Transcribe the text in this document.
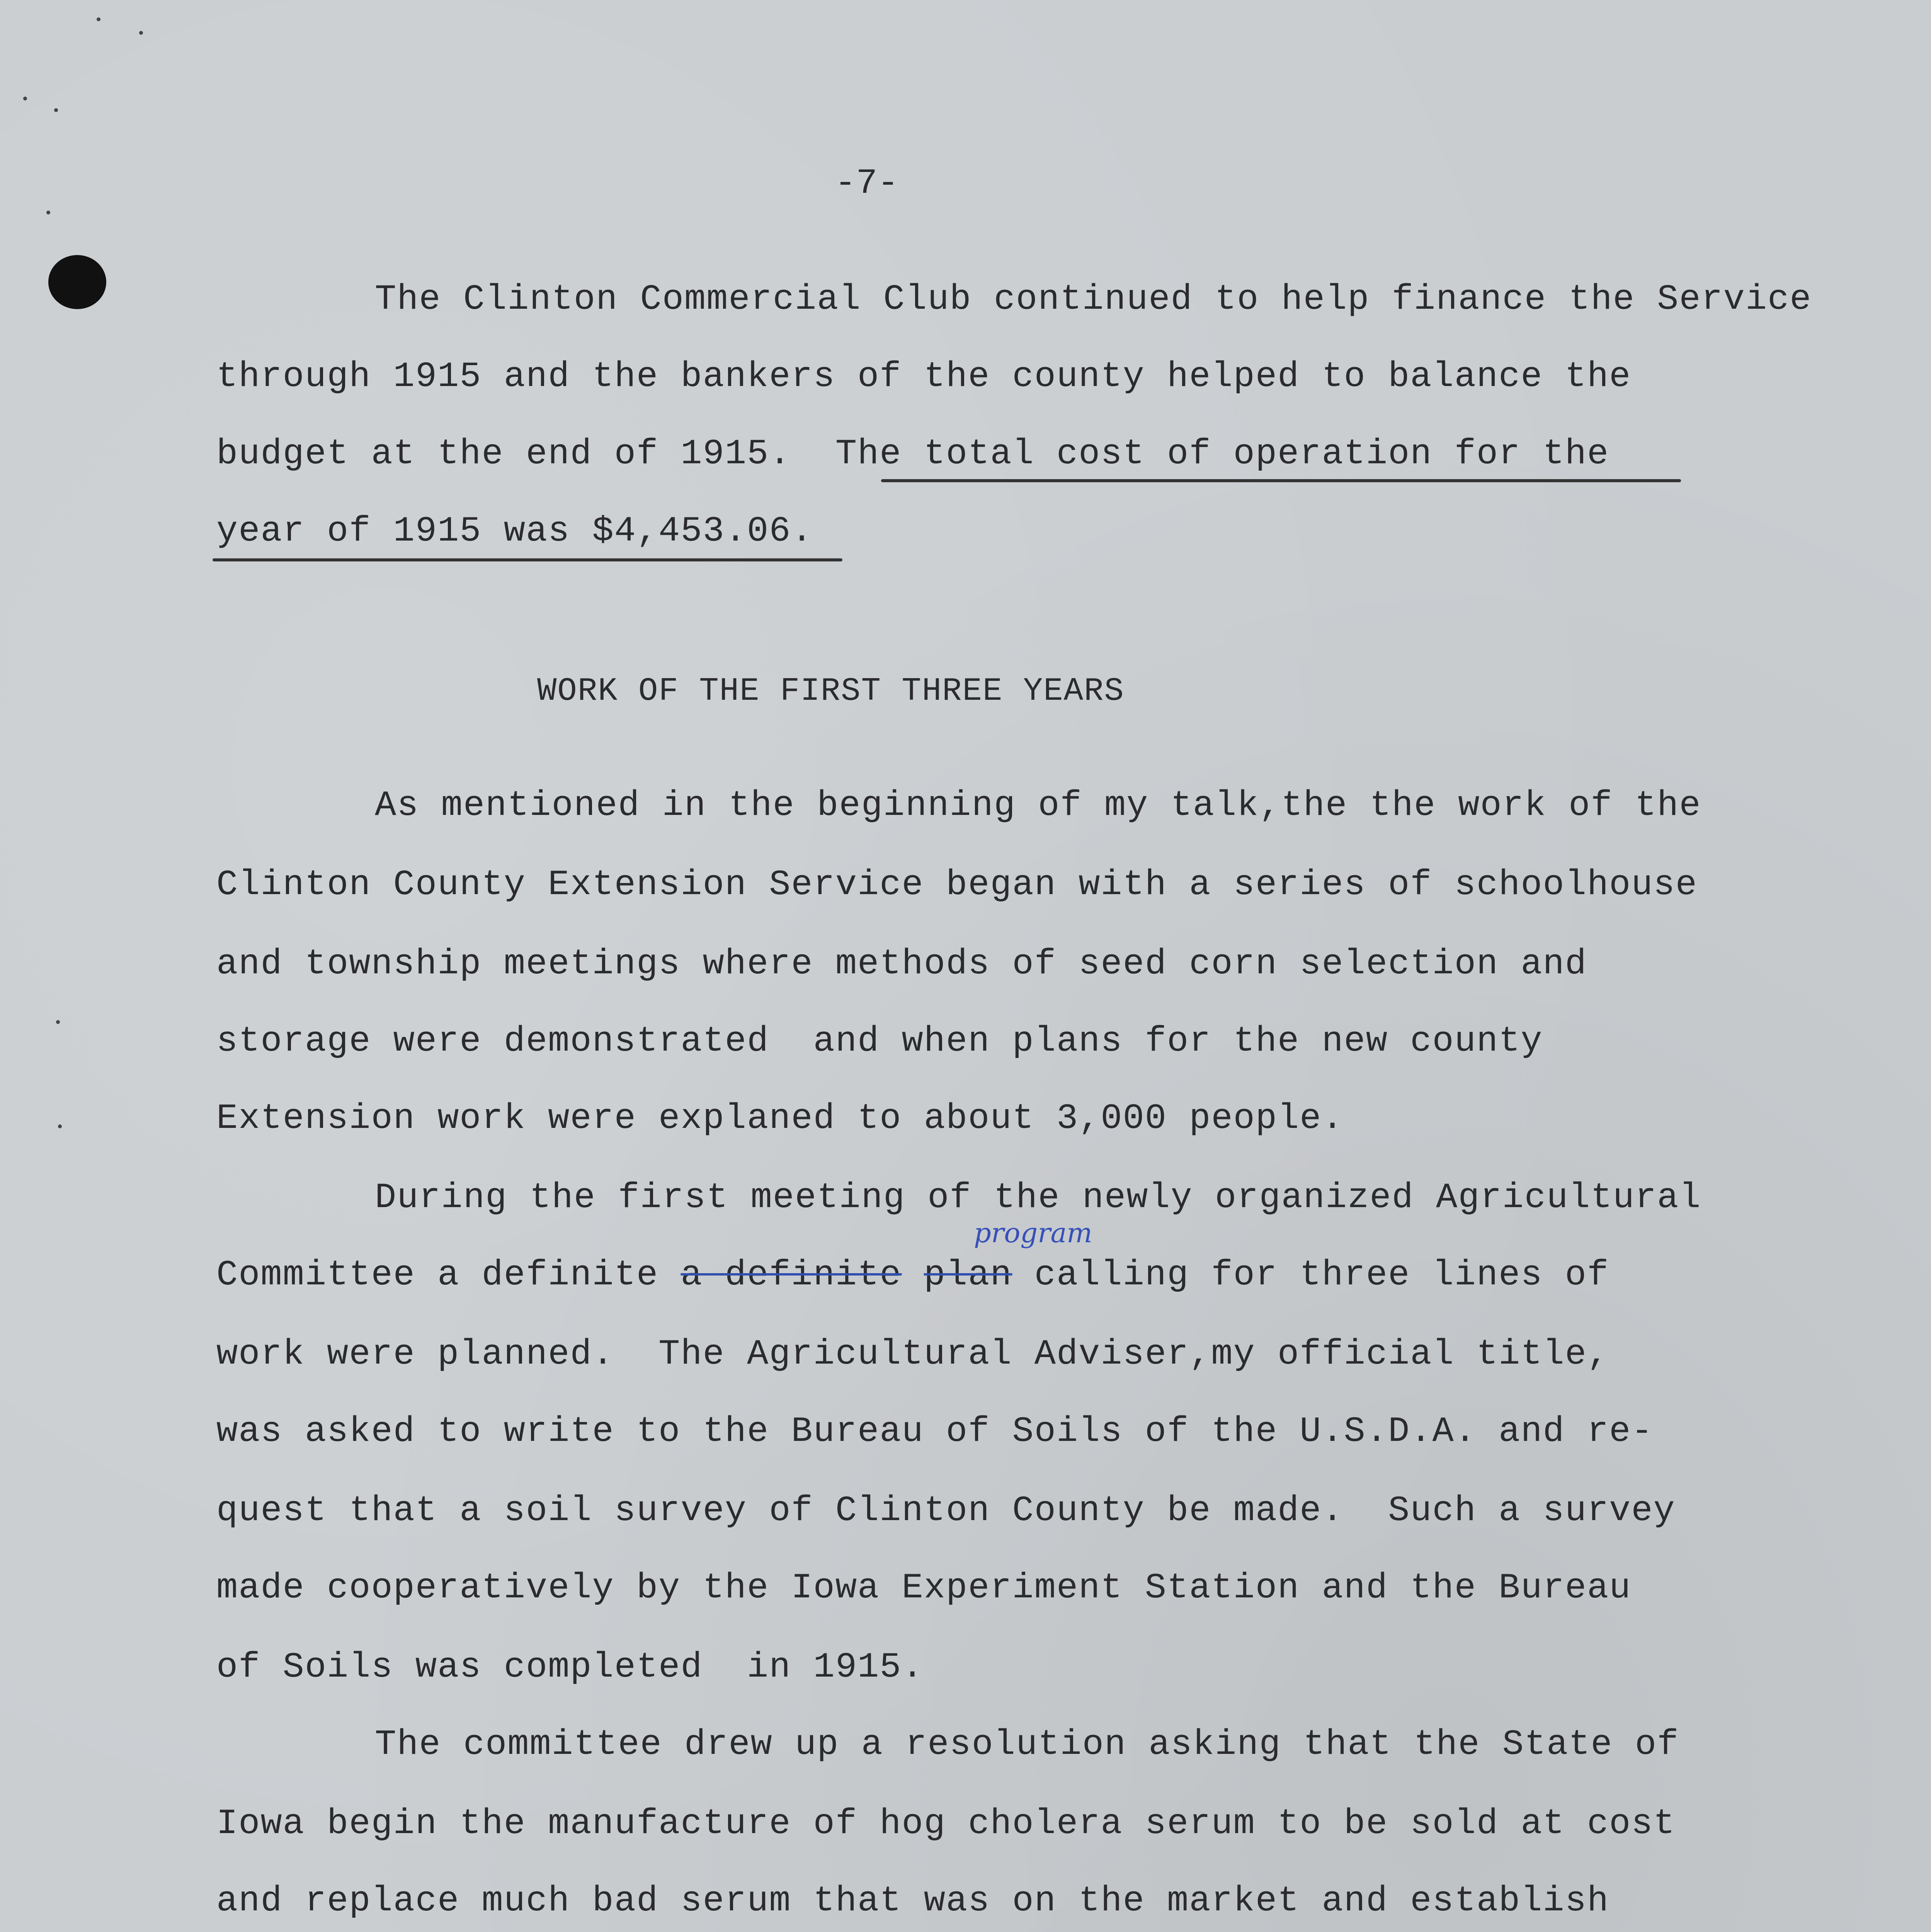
-7-
The Clinton Commercial Club continued to help finance the Service
through 1915 and the bankers of the county helped to balance the
budget at the end of 1915.  The total cost of operation for the
year of 1915 was $4,453.06.
WORK OF THE FIRST THREE YEARS
As mentioned in the beginning of my talk,the the work of the
Clinton County Extension Service began with a series of schoolhouse
and township meetings where methods of seed corn selection and
storage were demonstrated  and when plans for the new county
Extension work were explaned to about 3,000 people.
During the first meeting of the newly organized Agricultural
program
Committee a definite a definite plan calling for three lines of
work were planned.  The Agricultural Adviser,my official title,
was asked to write to the Bureau of Soils of the U.S.D.A. and re-
quest that a soil survey of Clinton County be made.  Such a survey
made cooperatively by the Iowa Experiment Station and the Bureau
of Soils was completed  in 1915.
The committee drew up a resolution asking that the State of
Iowa begin the manufacture of hog cholera serum to be sold at cost
and replace much bad serum that was on the market and establish
